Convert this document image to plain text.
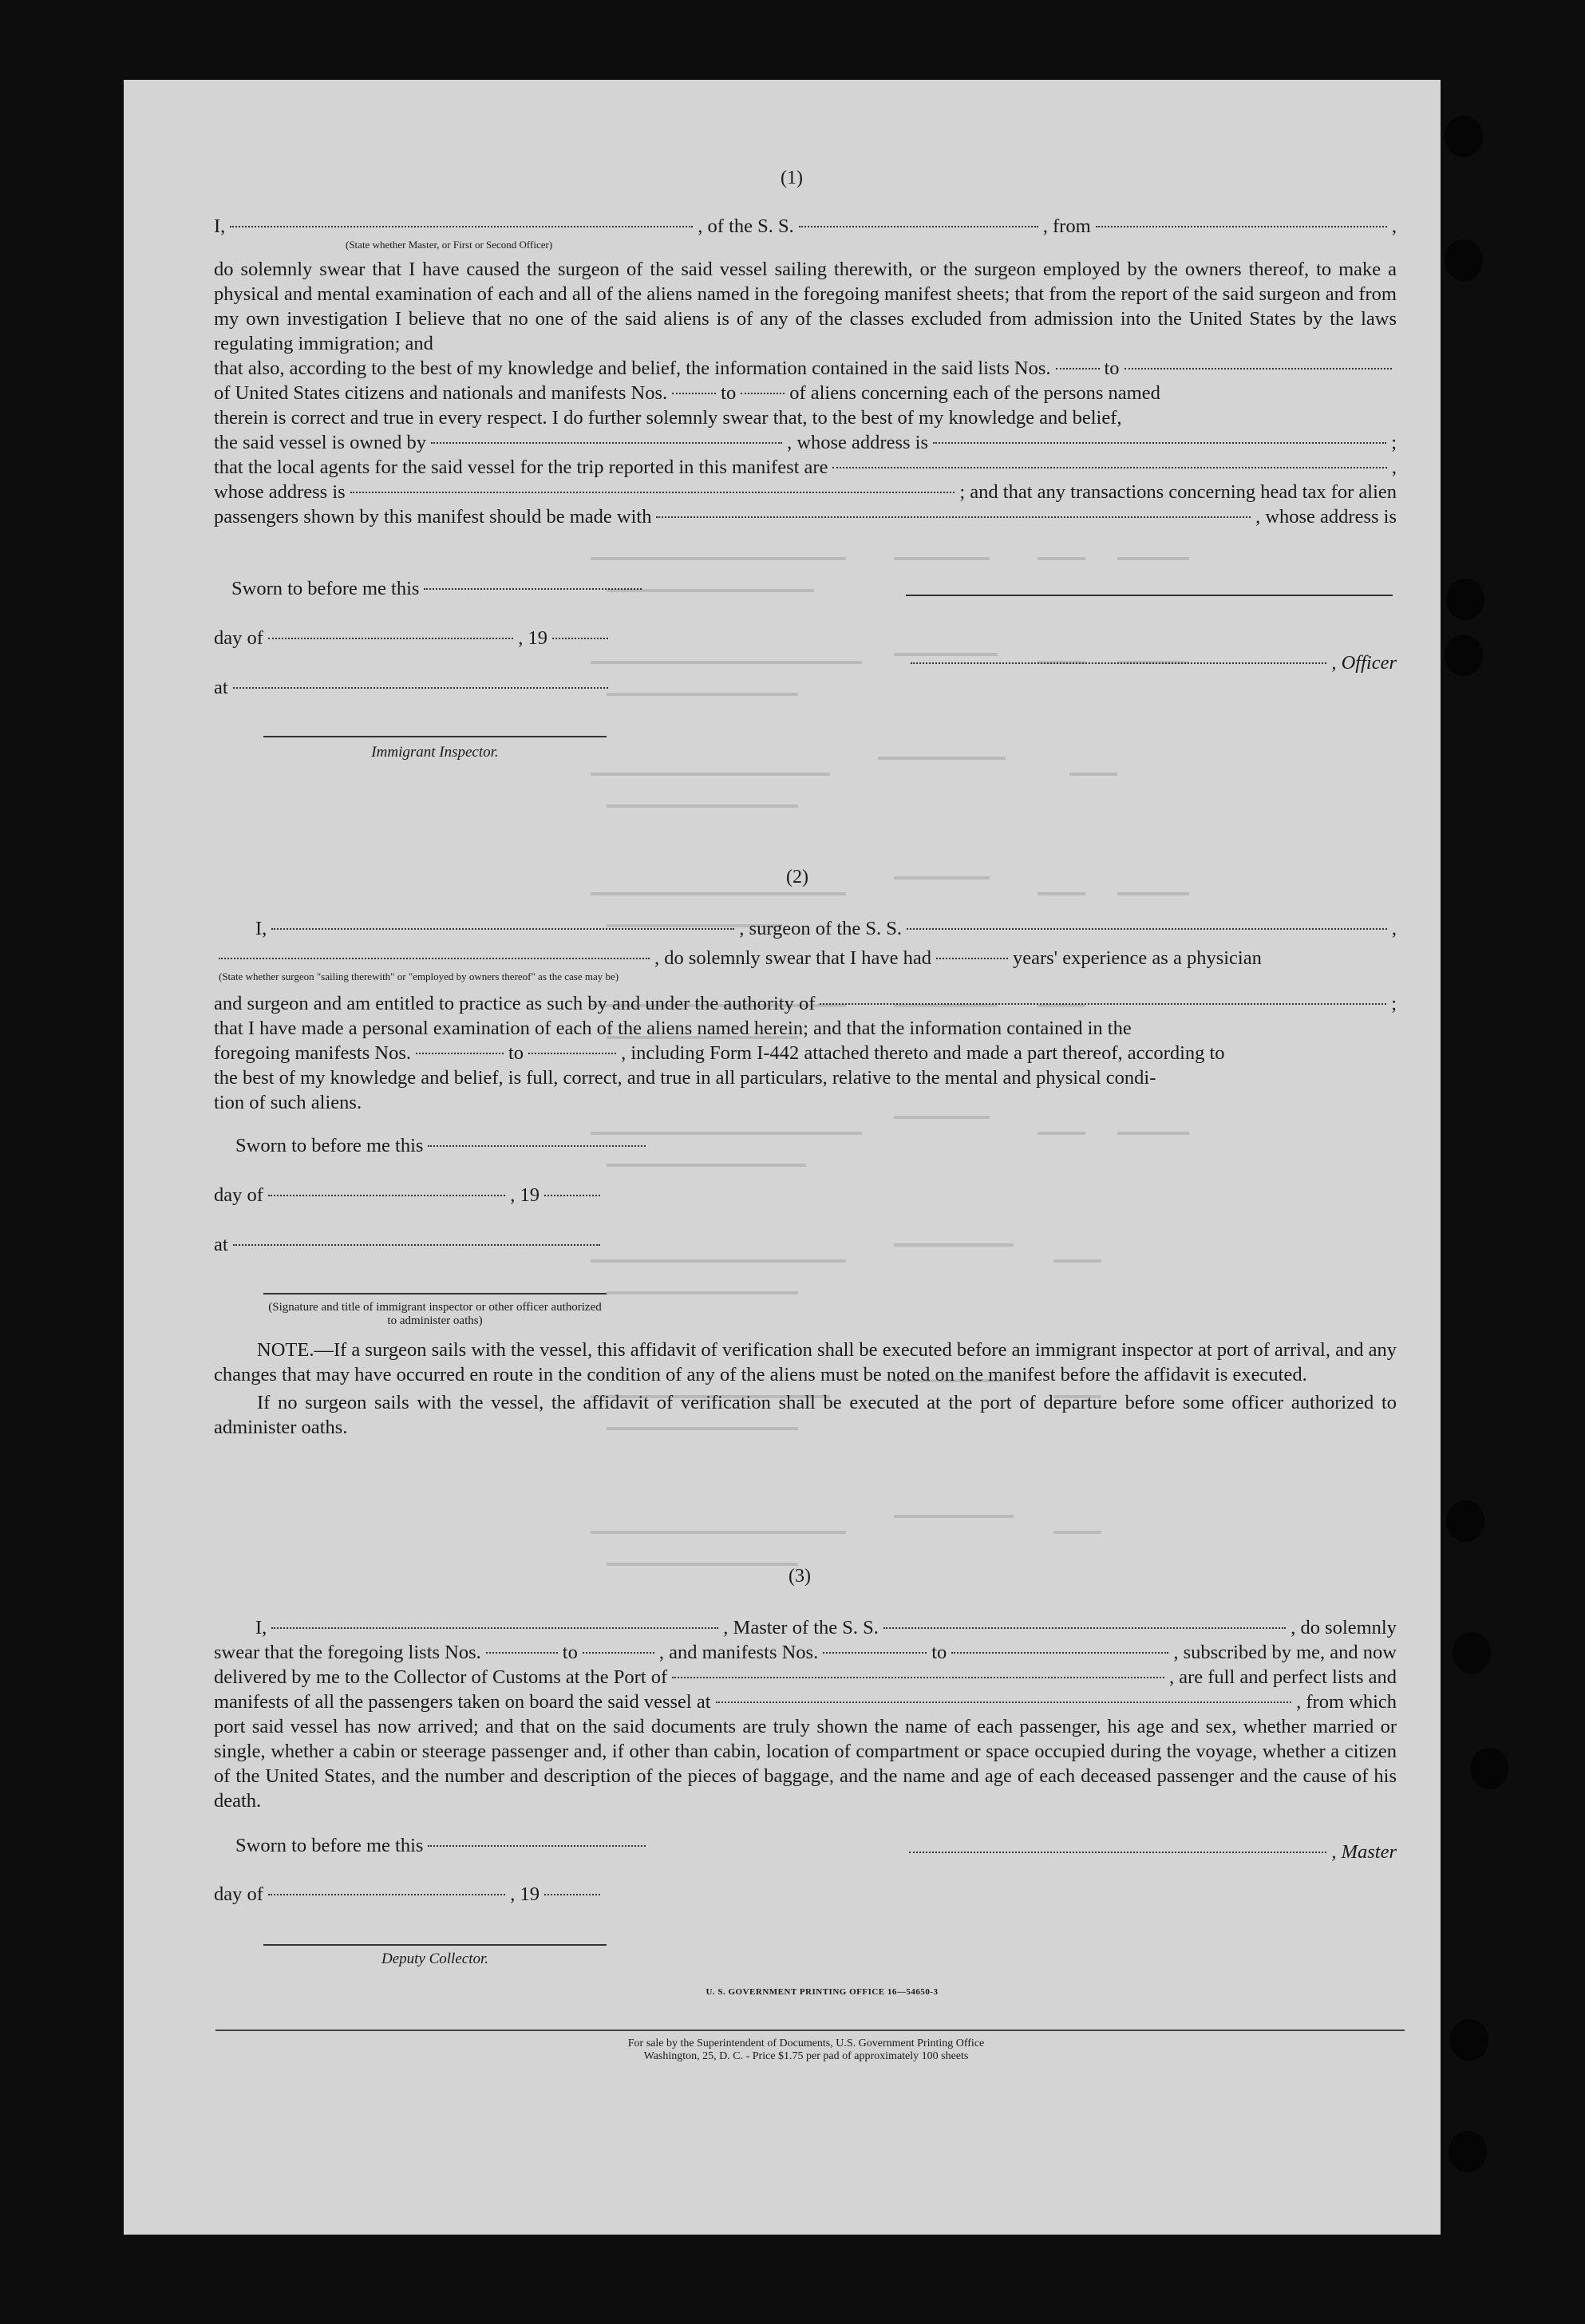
(1)
I,	, of the S. S.	, from	,
(State whether Master, or First or Second Officer)

do solemnly swear that I have caused the surgeon of the said vessel sailing therewith, or the surgeon employed by the owners thereof, to make a physical and mental examination of each and all of the aliens named in the foregoing manifest sheets; that from the report of the said surgeon and from my own investigation I believe that no one of the said aliens is of any of the classes excluded from admission into the United States by the laws regulating immigration; and

that also, according to the best of my knowledge and belief, the information contained in the said lists Nos.	to
of United States citizens and nationals and manifests Nos.	to	of aliens concerning each of the persons named
therein is correct and true in every respect. I do further solemnly swear that, to the best of my knowledge and belief,
the said vessel is owned by	, whose address is	;
that the local agents for the said vessel for the trip reported in this manifest are	,
whose address is	; and that any transactions concerning head tax for alien
passengers shown by this manifest should be made with	, whose address is
Sworn to before me this
day of	, 19
at
, Officer
Immigrant Inspector.
(2)
I,	, surgeon of the S. S.	,
, do solemnly swear that I have had	years' experience as a physician
(State whether surgeon "sailing therewith" or "employed by owners thereof" as the case may be)
and surgeon and am entitled to practice as such by and under the authority of	;
that I have made a personal examination of each of the aliens named herein; and that the information contained in the
foregoing manifests Nos.	to	, including Form I-442 attached thereto and made a part thereof, according to
the best of my knowledge and belief, is full, correct, and true in all particulars, relative to the mental and physical condi-
tion of such aliens.
Sworn to before me this
day of	, 19
at
(Signature and title of immigrant inspector or other officer authorized to administer oaths)

NOTE.—If a surgeon sails with the vessel, this affidavit of verification shall be executed before an immigrant inspector at port of arrival, and any changes that may have occurred en route in the condition of any of the aliens must be noted on the manifest before the affidavit is executed.

If no surgeon sails with the vessel, the affidavit of verification shall be executed at the port of departure before some officer authorized to administer oaths.

(3)
I,	, Master of the S. S.	, do solemnly
swear that the foregoing lists Nos.	to	, and manifests Nos.	to	, subscribed by me, and now
delivered by me to the Collector of Customs at the Port of	, are full and perfect lists and
manifests of all the passengers taken on board the said vessel at	, from which

port said vessel has now arrived; and that on the said documents are truly shown the name of each passenger, his age and sex, whether married or single, whether a cabin or steerage passenger and, if other than cabin, location of compartment or space occupied during the voyage, whether a citizen of the United States, and the number and description of the pieces of baggage, and the name and age of each deceased passenger and the cause of his death.

Sworn to before me this	, Master
day of	, 19
Deputy Collector.
U. S. GOVERNMENT PRINTING OFFICE 16—54650-3
For sale by the Superintendent of Documents, U.S. Government Printing Office
Washington, 25, D. C. - Price $1.75 per pad of approximately 100 sheets
